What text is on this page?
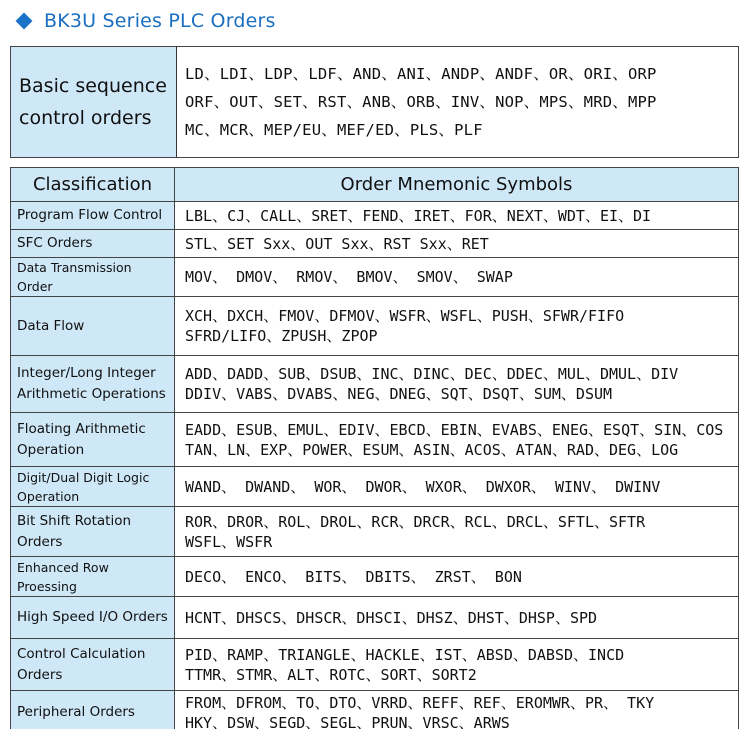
BK3U Series PLC Orders
Basic sequence control orders	
LD、LDI、LDP、LDF、AND、ANI、ANDP、ANDF、OR、ORI、ORP
ORF、OUT、SET、RST、ANB、ORB、INV、NOP、MPS、MRD、MPP
MC、MCR、MEP/EU、MEF/ED、PLS、PLF
Classification	Order Mnemonic Symbols
Program Flow Control	LBL、CJ、CALL、SRET、FEND、IRET、FOR、NEXT、WDT、EI、DI
SFC Orders	STL、SET Sxx、OUT Sxx、RST Sxx、RET
Data Transmission Order	MOV、 DMOV、 RMOV、 BMOV、 SMOV、 SWAP
Data Flow	XCH、DXCH、FMOV、DFMOV、WSFR、WSFL、PUSH、SFWR/FIFO
SFRD/LIFO、ZPUSH、ZPOP
Integer/Long Integer Arithmetic Operations	ADD、DADD、SUB、DSUB、INC、DINC、DEC、DDEC、MUL、DMUL、DIV
DDIV、VABS、DVABS、NEG、DNEG、SQT、DSQT、SUM、DSUM
Floating Arithmetic Operation	EADD、ESUB、EMUL、EDIV、EBCD、EBIN、EVABS、ENEG、ESQT、SIN、COS
TAN、LN、EXP、POWER、ESUM、ASIN、ACOS、ATAN、RAD、DEG、LOG
Digit/Dual Digit Logic Operation	WAND、 DWAND、 WOR、 DWOR、 WXOR、 DWXOR、 WINV、 DWINV
Bit Shift Rotation Orders	ROR、DROR、ROL、DROL、RCR、DRCR、RCL、DRCL、SFTL、SFTR
WSFL、WSFR
Enhanced Row Proessing	DECO、 ENCO、 BITS、 DBITS、 ZRST、 BON
High Speed I/O Orders	HCNT、DHSCS、DHSCR、DHSCI、DHSZ、DHST、DHSP、SPD
Control Calculation Orders	PID、RAMP、TRIANGLE、HACKLE、IST、ABSD、DABSD、INCD
TTMR、STMR、ALT、ROTC、SORT、SORT2
Peripheral Orders	FROM、DFROM、TO、DTO、VRRD、REFF、REF、EROMWR、PR、 TKY
HKY、DSW、SEGD、SEGL、PRUN、VRSC、ARWS
